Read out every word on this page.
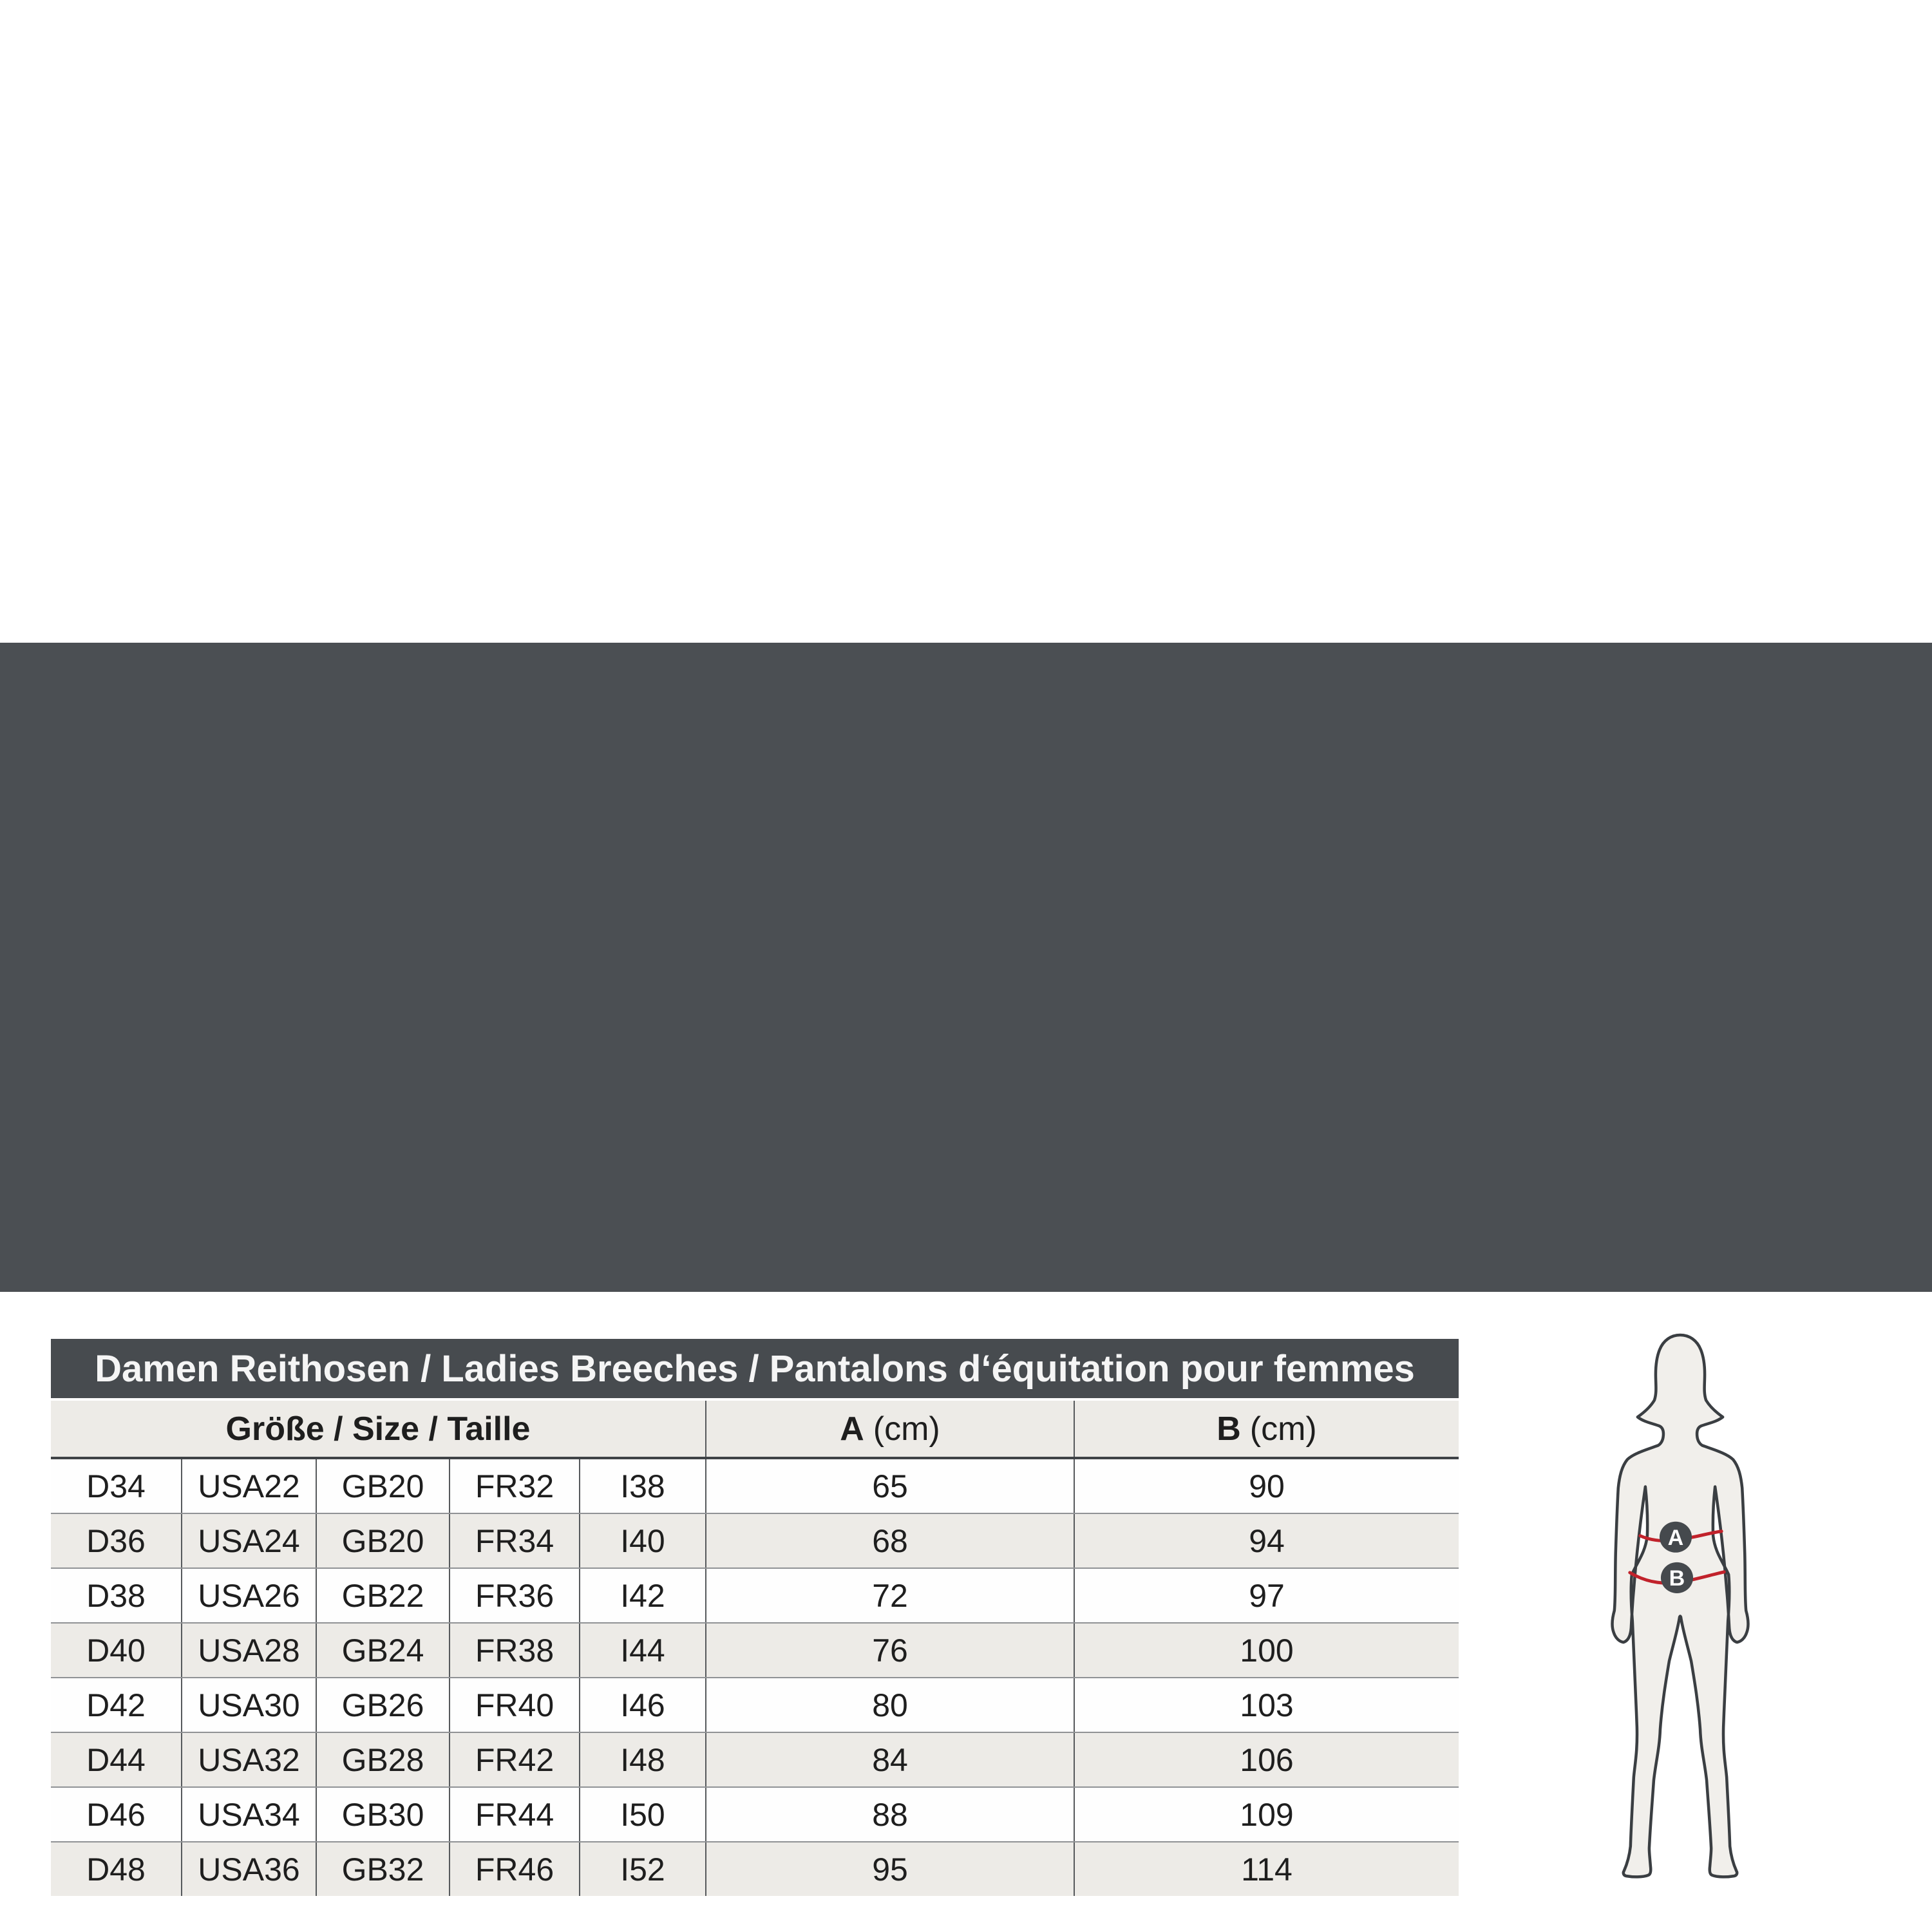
Damen Reithosen / Ladies Breeches / Pantalons d‘équitation pour femmes
Größe / Size / Taille	A (cm)	B (cm)
D34	USA22	GB20	FR32	I38	65	90
D36	USA24	GB20	FR34	I40	68	94
D38	USA26	GB22	FR36	I42	72	97
D40	USA28	GB24	FR38	I44	76	100
D42	USA30	GB26	FR40	I46	80	103
D44	USA32	GB28	FR42	I48	84	106
D46	USA34	GB30	FR44	I50	88	109
D48	USA36	GB32	FR46	I52	95	114
A
B
